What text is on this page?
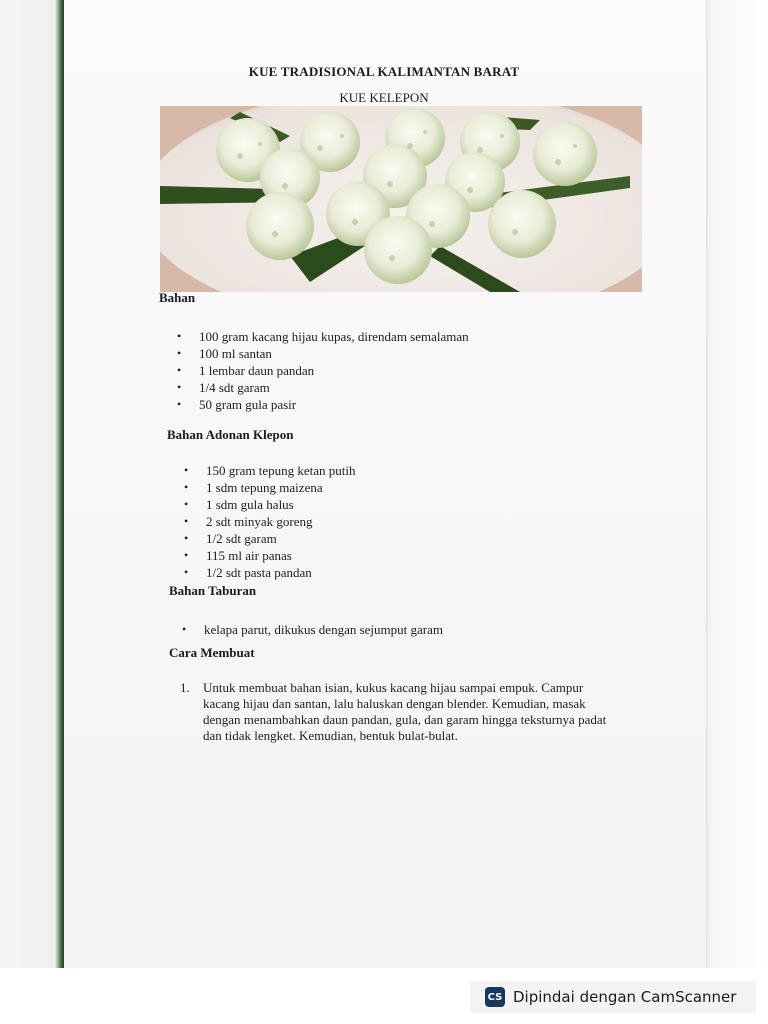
KUE TRADISIONAL KALIMANTAN BARAT
KUE KELEPON
Bahan
• 100 gram kacang hijau kupas, direndam semalaman
• 100 ml santan
• 1 lembar daun pandan
• 1/4 sdt garam
• 50 gram gula pasir
Bahan Adonan Klepon
• 150 gram tepung ketan putih
• 1 sdm tepung maizena
• 1 sdm gula halus
• 2 sdt minyak goreng
• 1/2 sdt garam
• 115 ml air panas
• 1/2 sdt pasta pandan
Bahan Taburan
• kelapa parut, dikukus dengan sejumput garam
Cara Membuat
1. Untuk membuat bahan isian, kukus kacang hijau sampai empuk. Campur kacang hijau dan santan, lalu haluskan dengan blender. Kemudian, masak dengan menambahkan daun pandan, gula, dan garam hingga teksturnya padat dan tidak lengket. Kemudian, bentuk bulat-bulat.
CS Dipindai dengan CamScanner
